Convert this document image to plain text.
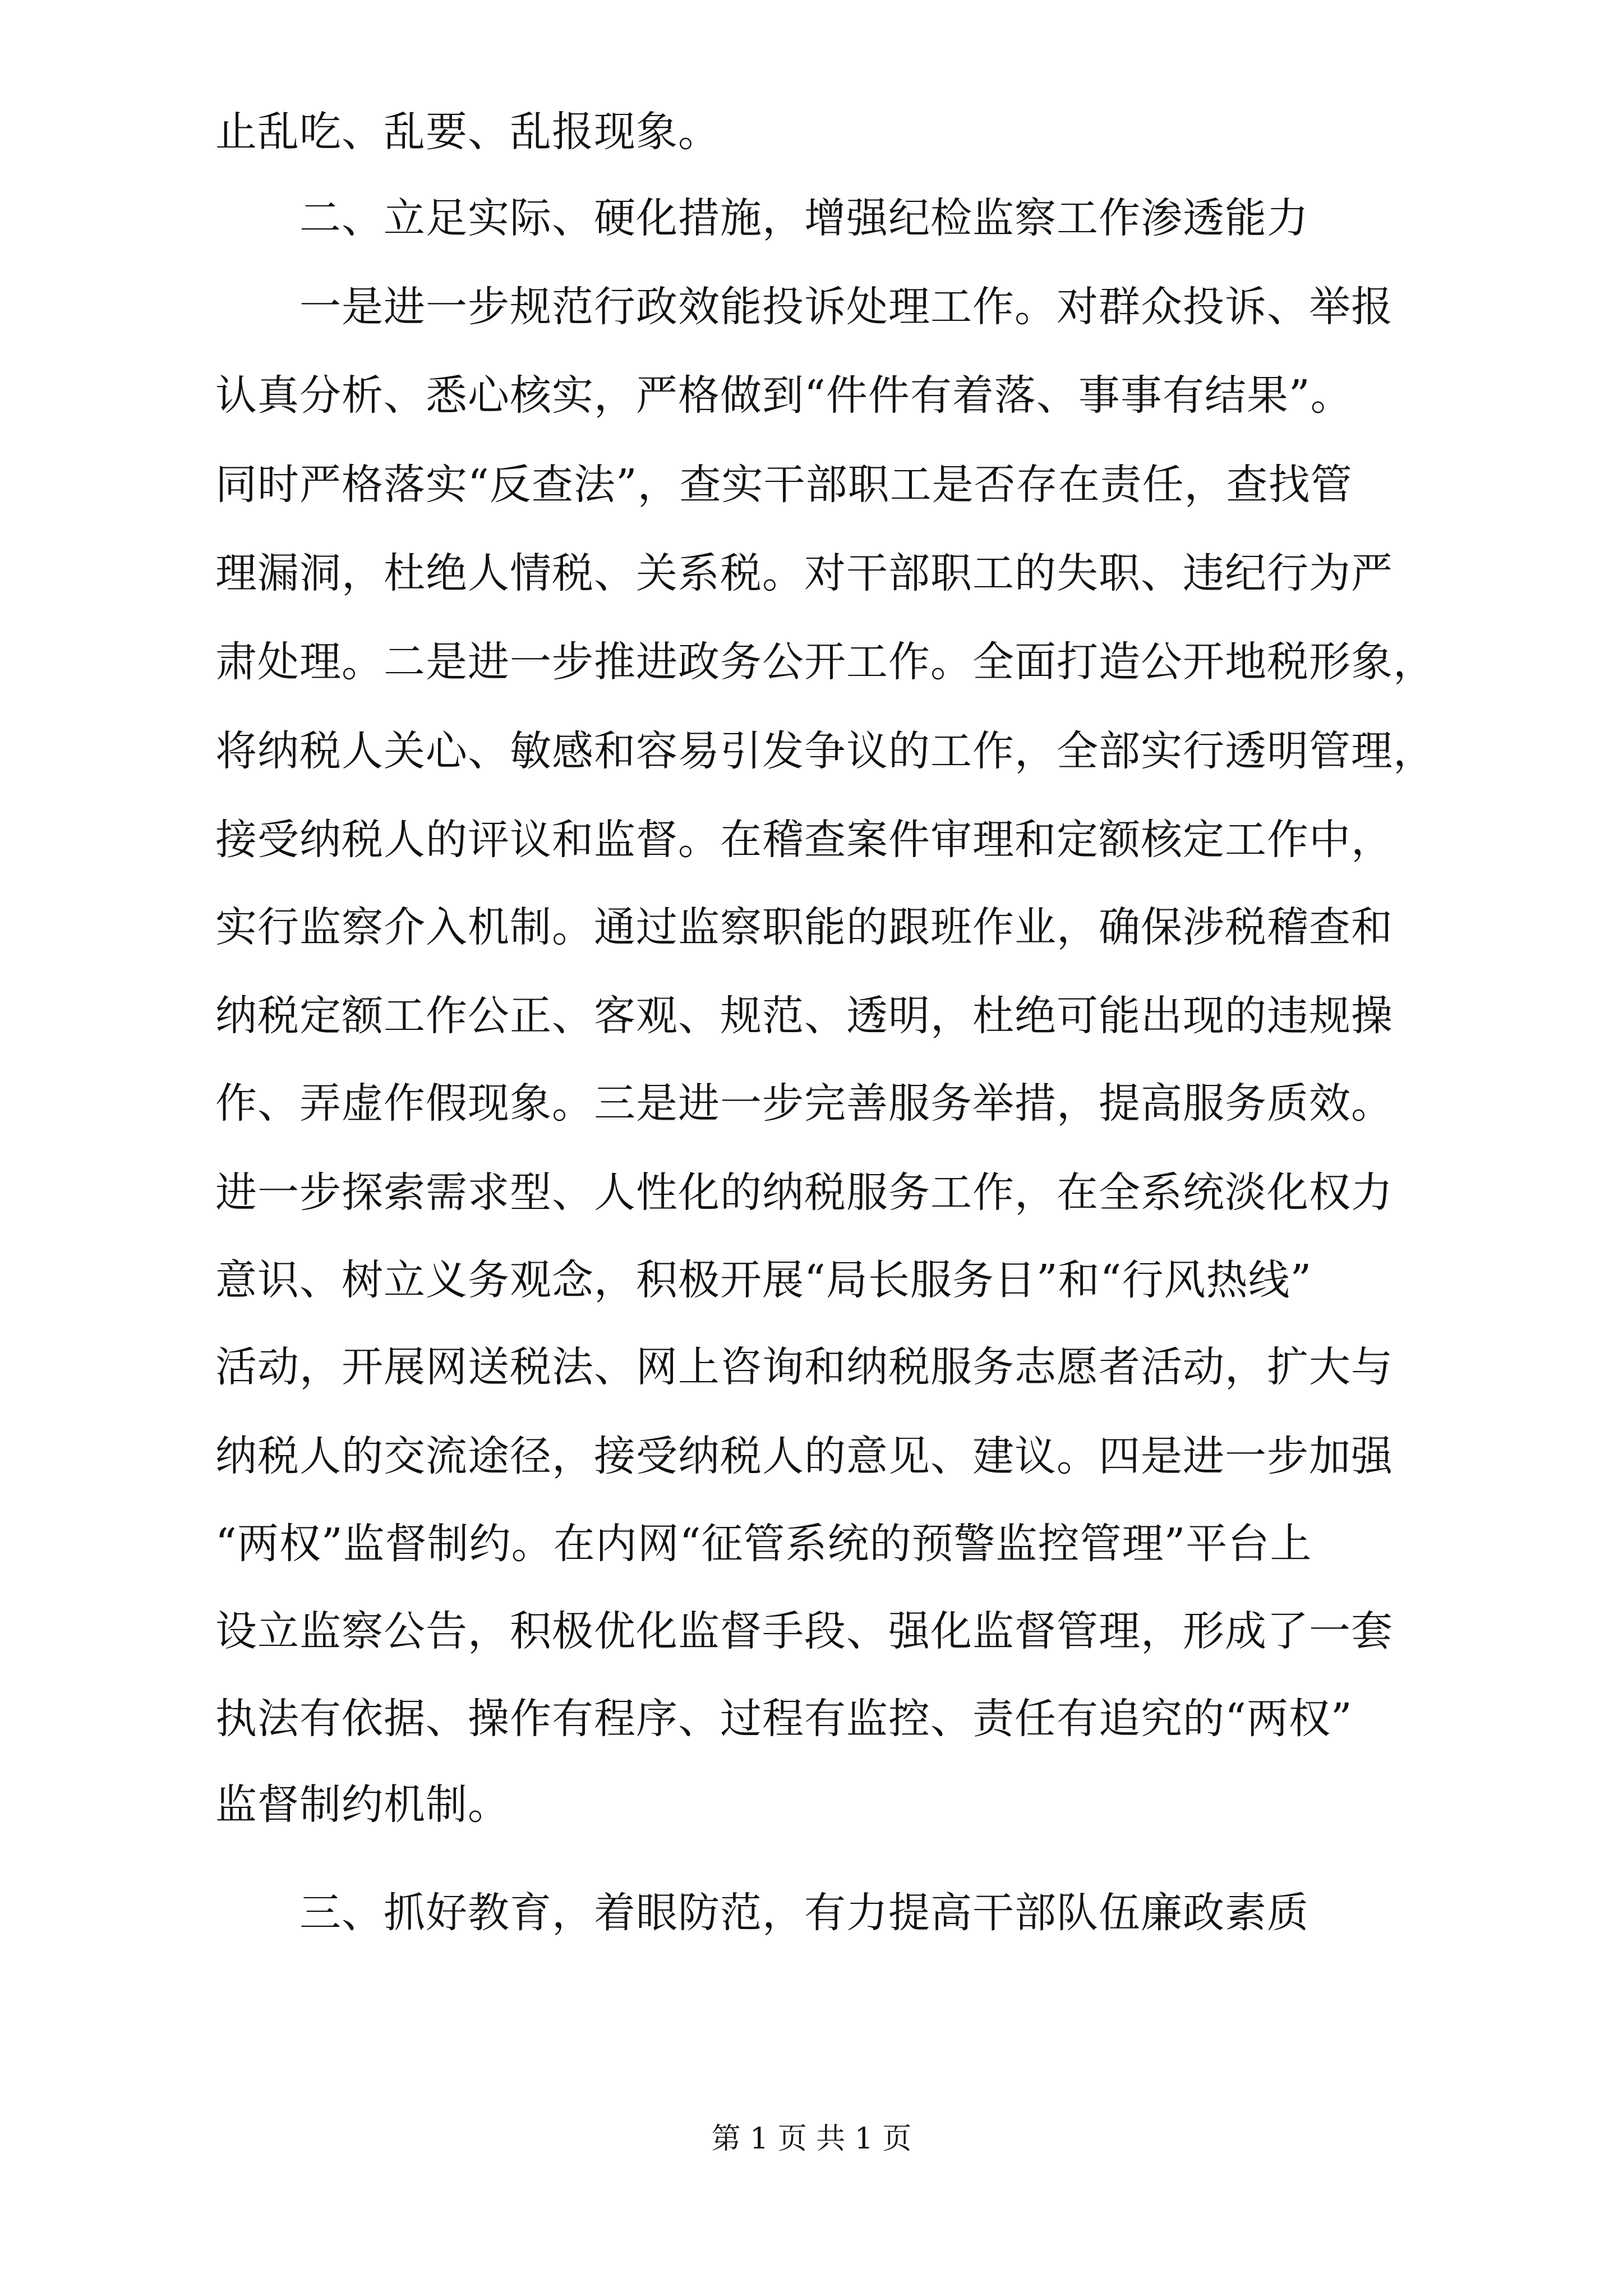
止乱吃、乱要、乱报现象。
二、立足实际、硬化措施，增强纪检监察工作渗透能力
一是进一步规范行政效能投诉处理工作。对群众投诉、举报
认真分析、悉心核实，严格做到“件件有着落、事事有结果”。
同时严格落实“反查法”，查实干部职工是否存在责任，查找管
理漏洞，杜绝人情税、关系税。对干部职工的失职、违纪行为严
肃处理。二是进一步推进政务公开工作。全面打造公开地税形象，
将纳税人关心、敏感和容易引发争议的工作，全部实行透明管理，
接受纳税人的评议和监督。在稽查案件审理和定额核定工作中，
实行监察介入机制。通过监察职能的跟班作业，确保涉税稽查和
纳税定额工作公正、客观、规范、透明，杜绝可能出现的违规操
作、弄虚作假现象。三是进一步完善服务举措，提高服务质效。
进一步探索需求型、人性化的纳税服务工作，在全系统淡化权力
意识、树立义务观念，积极开展“局长服务日”和“行风热线”
活动，开展网送税法、网上咨询和纳税服务志愿者活动，扩大与
纳税人的交流途径，接受纳税人的意见、建议。四是进一步加强
“两权”监督制约。在内网“征管系统的预警监控管理”平台上
设立监察公告，积极优化监督手段、强化监督管理，形成了一套
执法有依据、操作有程序、过程有监控、责任有追究的“两权”
监督制约机制。
三、抓好教育，着眼防范，有力提高干部队伍廉政素质
第 1 页 共 1 页
